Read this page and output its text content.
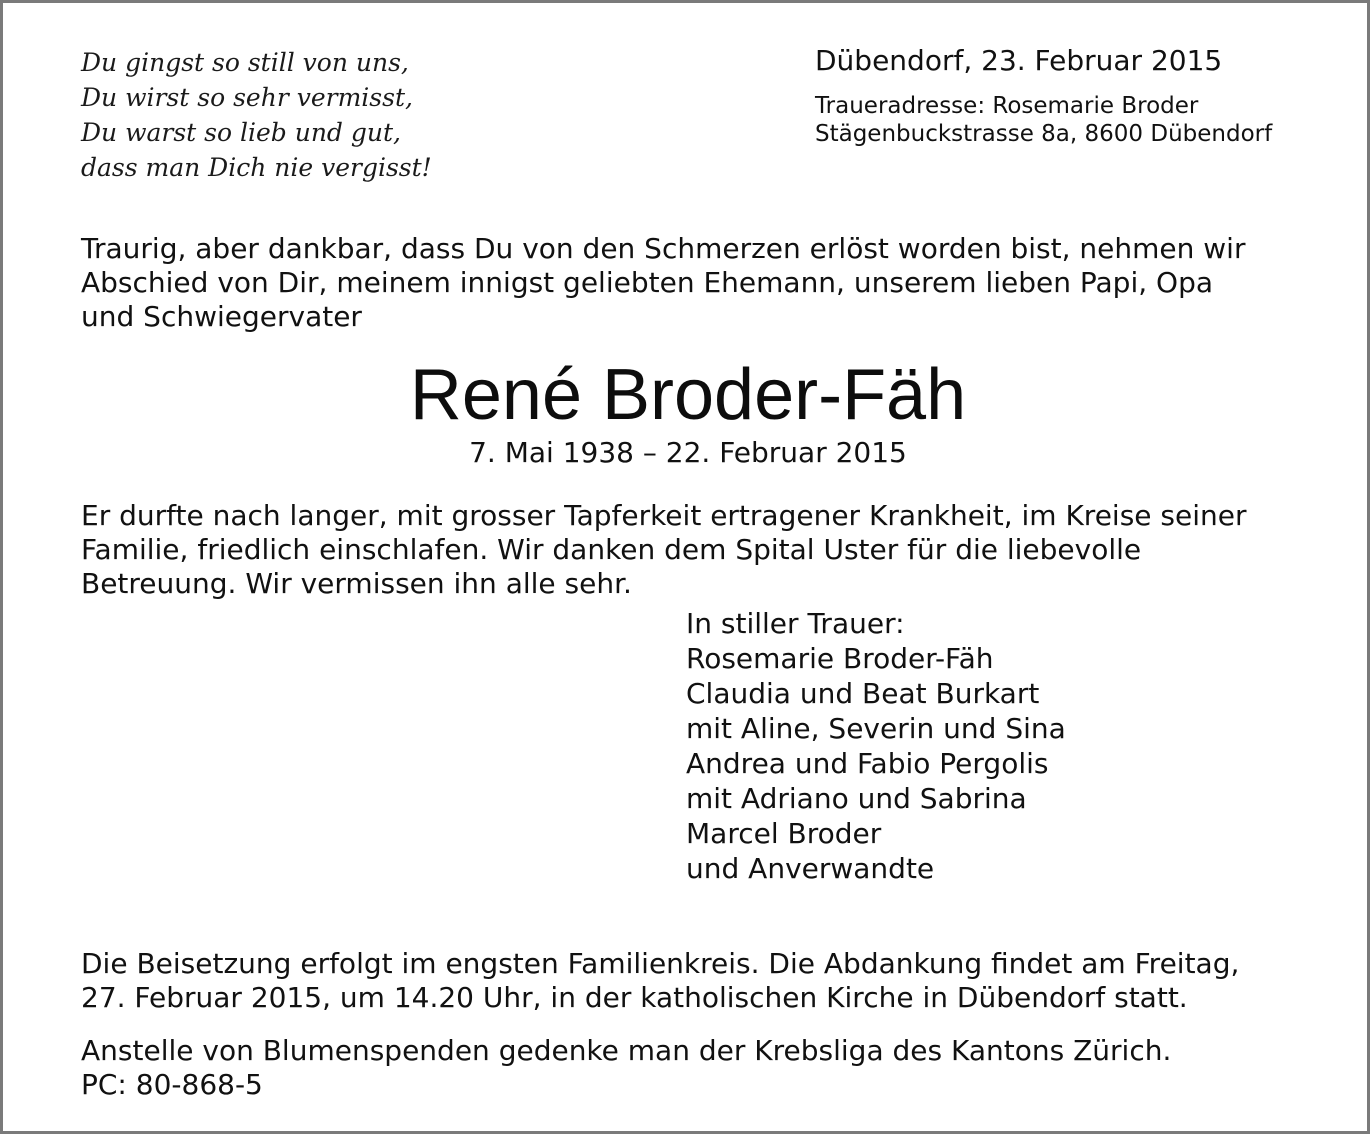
Du gingst so still von uns,
Du wirst so sehr vermisst,
Du warst so lieb und gut,
dass man Dich nie vergisst!
Dübendorf, 23. Februar 2015
Traueradresse: Rosemarie Broder
Stägenbuckstrasse 8a, 8600 Dübendorf
Traurig, aber dankbar, dass Du von den Schmerzen erlöst worden bist, nehmen wir
Abschied von Dir, meinem innigst geliebten Ehemann, unserem lieben Papi, Opa
und Schwiegervater
René Broder-Fäh
7. Mai 1938 – 22. Februar 2015
Er durfte nach langer, mit grosser Tapferkeit ertragener Krankheit, im Kreise seiner
Familie, friedlich einschlafen. Wir danken dem Spital Uster für die liebevolle
Betreuung. Wir vermissen ihn alle sehr.
In stiller Trauer:
Rosemarie Broder-Fäh
Claudia und Beat Burkart
mit Aline, Severin und Sina
Andrea und Fabio Pergolis
mit Adriano und Sabrina
Marcel Broder
und Anverwandte
Die Beisetzung erfolgt im engsten Familienkreis. Die Abdankung findet am Freitag,
27. Februar 2015, um 14.20 Uhr, in der katholischen Kirche in Dübendorf statt.
Anstelle von Blumenspenden gedenke man der Krebsliga des Kantons Zürich.
PC: 80-868-5
